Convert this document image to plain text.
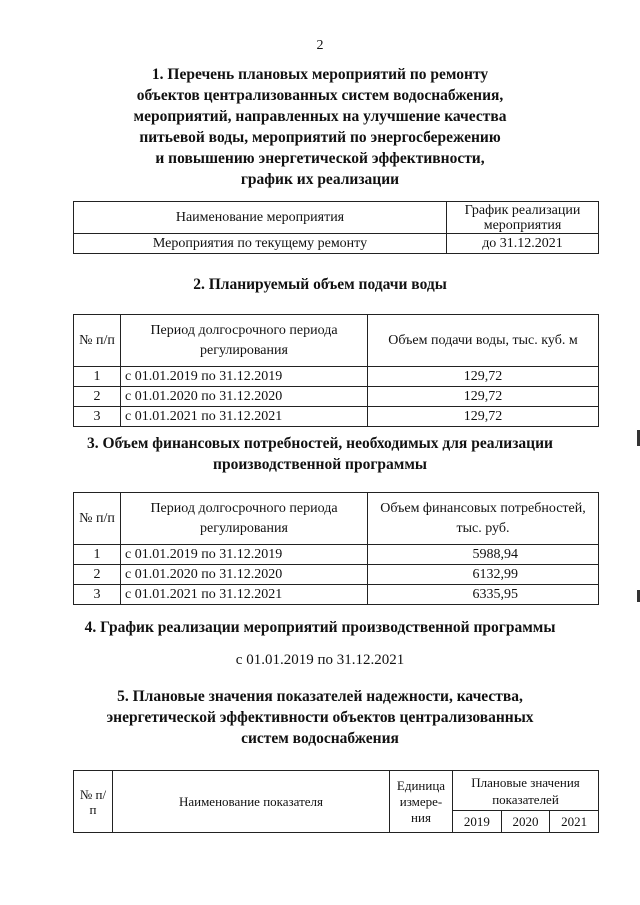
2
1. Перечень плановых мероприятий по ремонту
объектов централизованных систем водоснабжения,
мероприятий, направленных на улучшение качества
питьевой воды, мероприятий по энергосбережению
и повышению энергетической эффективности,
график их реализации
Наименование мероприятия	График реализации мероприятия
Мероприятия по текущему ремонту	до 31.12.2021
2. Планируемый объем подачи воды
№ п/п	Период долгосрочного периода регулирования	Объем подачи воды, тыс. куб. м
1	с 01.01.2019 по 31.12.2019	129,72
2	с 01.01.2020 по 31.12.2020	129,72
3	с 01.01.2021 по 31.12.2021	129,72
3. Объем финансовых потребностей, необходимых для реализации
производственной программы
№ п/п	Период долгосрочного периода регулирования	Объем финансовых потребностей, тыс. руб.
1	с 01.01.2019 по 31.12.2019	5988,94
2	с 01.01.2020 по 31.12.2020	6132,99
3	с 01.01.2021 по 31.12.2021	6335,95
4. График реализации мероприятий производственной программы
с 01.01.2019 по 31.12.2021
5. Плановые значения показателей надежности, качества,
энергетической эффективности объектов централизованных
систем водоснабжения
№ п/п	Наименование показателя	Единица измере- ния	Плановые значения показателей		
			2019	2020	2021
